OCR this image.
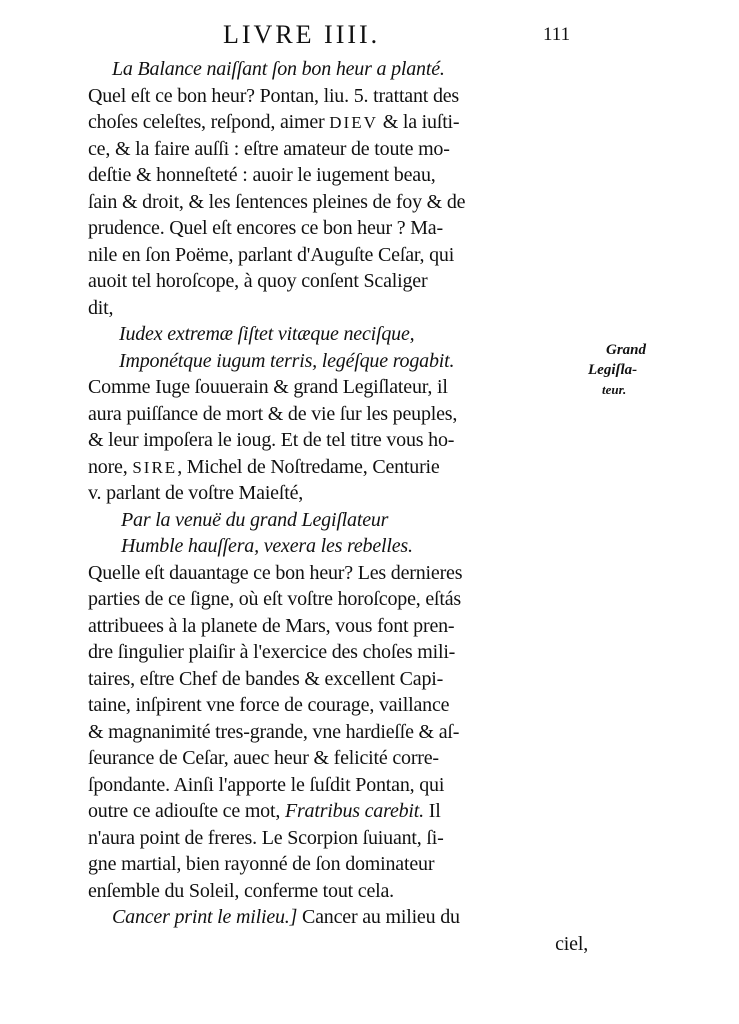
LIVRE IIII.	111
La Balance naiſſant ſon bon heur a planté.
Quel eſt ce bon heur? Pontan, liu. 5. trattant des
choſes celeſtes, reſpond, aimer DIEV & la iuſti-
ce, & la faire auſſi : eſtre amateur de toute mo-
deſtie & honneſteté : auoir le iugement beau,
ſain & droit, & les ſentences pleines de foy & de
prudence. Quel eſt encores ce bon heur ? Ma-
nile en ſon Poëme, parlant d'Auguſte Ceſar, qui
auoit tel horoſcope, à quoy conſent Scaliger
dit,
Iudex extremæ ſiſtet vitæque neciſque,
Imponétque iugum terris, legéſque rogabit.
Comme Iuge ſouuerain & grand Legiſlateur, il
aura puiſſance de mort & de vie ſur les peuples,
& leur impoſera le ioug. Et de tel titre vous ho-
nore, SIRE, Michel de Noſtredame, Centurie
v. parlant de voſtre Maieſté,
Par la venuë du grand Legiſlateur
Humble hauſſera, vexera les rebelles.
Quelle eſt dauantage ce bon heur? Les dernieres
parties de ce ſigne, où eſt voſtre horoſcope, eſtás
attribuees à la planete de Mars, vous font pren-
dre ſingulier plaiſir à l'exercice des choſes mili-
taires, eſtre Chef de bandes & excellent Capi-
taine, inſpirent vne force de courage, vaillance
& magnanimité tres-grande, vne hardieſſe & aſ-
ſeurance de Ceſar, auec heur & felicité corre-
ſpondante. Ainſi l'apporte le ſuſdit Pontan, qui
outre ce adiouſte ce mot, Fratribus carebit. Il
n'aura point de freres. Le Scorpion ſuiuant, ſi-
gne martial, bien rayonné de ſon dominateur
enſemble du Soleil, conferme tout cela.
Cancer print le milieu.] Cancer au milieu du
ciel,
Grand
Legiſla-
teur.
